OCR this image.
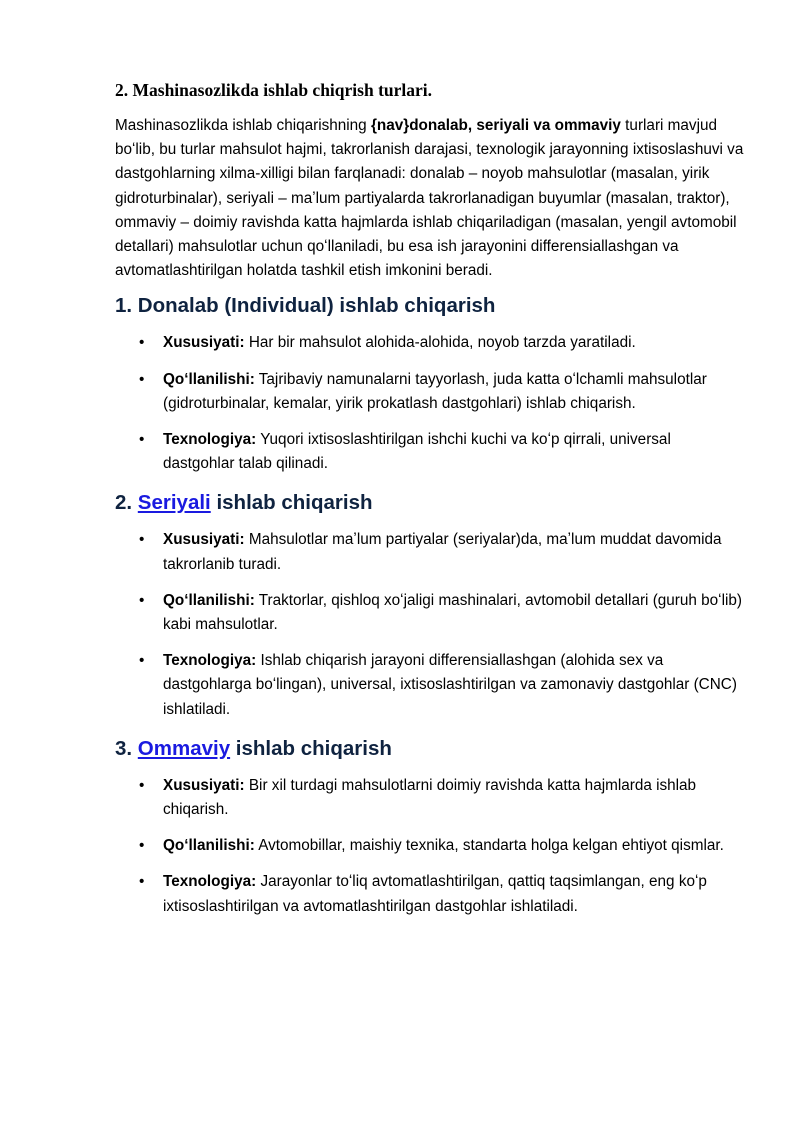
2. Mashinasozlikda ishlab chiqrish turlari.

Mashinasozlikda ishlab chiqarishning {nav}donalab, seriyali va ommaviy turlari mavjud boʻlib, bu turlar mahsulot hajmi, takrorlanish darajasi, texnologik jarayonning ixtisoslashuvi va dastgohlarning xilma-xilligi bilan farqlanadi: donalab – noyob mahsulotlar (masalan, yirik gidroturbinalar), seriyali – maʼlum partiyalarda takrorlanadigan buyumlar (masalan, traktor), ommaviy – doimiy ravishda katta hajmlarda ishlab chiqariladigan (masalan, yengil avtomobil detallari) mahsulotlar uchun qoʻllaniladi, bu esa ish jarayonini differensiallashgan va avtomatlashtirilgan holatda tashkil etish imkonini beradi.

1. Donalab (Individual) ishlab chiqarish
• Xususiyati: Har bir mahsulot alohida-alohida, noyob tarzda yaratiladi.
• Qoʻllanilishi: Tajribaviy namunalarni tayyorlash, juda katta oʻlchamli mahsulotlar (gidroturbinalar, kemalar, yirik prokatlash dastgohlari) ishlab chiqarish.
• Texnologiya: Yuqori ixtisoslashtirilgan ishchi kuchi va koʻp qirrali, universal dastgohlar talab qilinadi.
2. Seriyali ishlab chiqarish
• Xususiyati: Mahsulotlar maʼlum partiyalar (seriyalar)da, maʼlum muddat davomida takrorlanib turadi.
• Qoʻllanilishi: Traktorlar, qishloq xoʻjaligi mashinalari, avtomobil detallari (guruh boʻlib) kabi mahsulotlar.
• Texnologiya: Ishlab chiqarish jarayoni differensiallashgan (alohida sex va dastgohlarga boʻlingan), universal, ixtisoslashtirilgan va zamonaviy dastgohlar (CNC) ishlatiladi.
3. Ommaviy ishlab chiqarish
• Xususiyati: Bir xil turdagi mahsulotlarni doimiy ravishda katta hajmlarda ishlab chiqarish.
• Qoʻllanilishi: Avtomobillar, maishiy texnika, standarta holga kelgan ehtiyot qismlar.
• Texnologiya: Jarayonlar toʻliq avtomatlashtirilgan, qattiq taqsimlangan, eng koʻp ixtisoslashtirilgan va avtomatlashtirilgan dastgohlar ishlatiladi.
